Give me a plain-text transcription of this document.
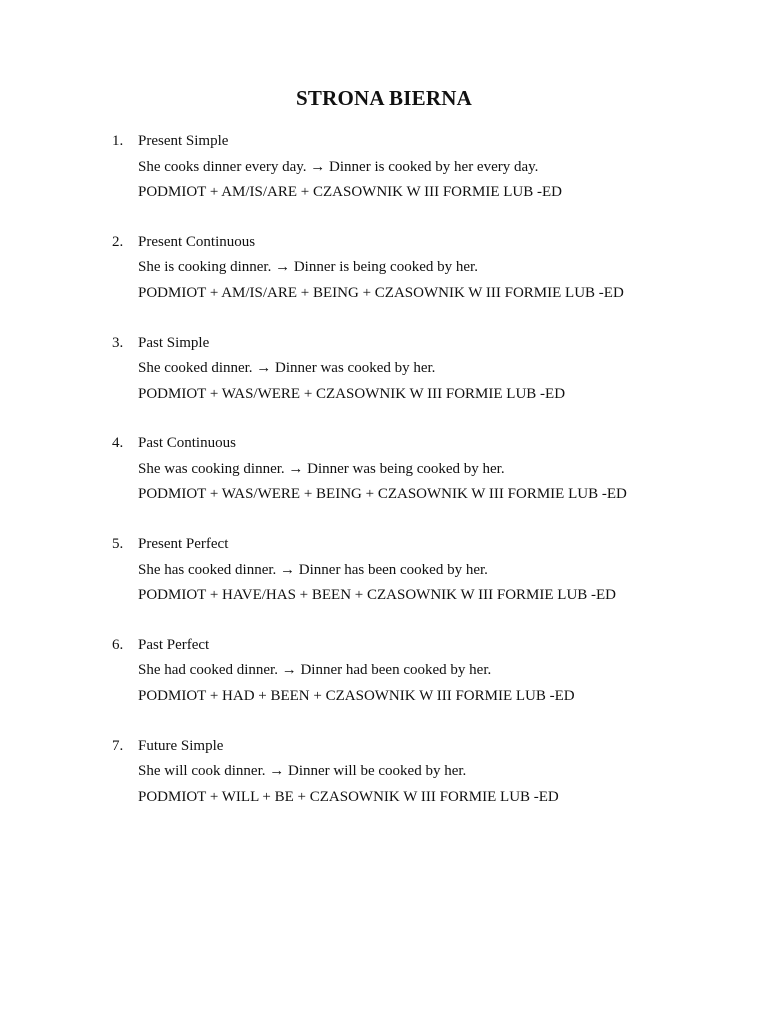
STRONA BIERNA
1. Present Simple
She cooks dinner every day. → Dinner is cooked by her every day.
PODMIOT + AM/IS/ARE + CZASOWNIK W III FORMIE LUB -ED
2. Present Continuous
She is cooking dinner. → Dinner is being cooked by her.
PODMIOT + AM/IS/ARE + BEING + CZASOWNIK W III FORMIE LUB -ED
3. Past Simple
She cooked dinner. → Dinner was cooked by her.
PODMIOT + WAS/WERE + CZASOWNIK W III FORMIE LUB -ED
4. Past Continuous
She was cooking dinner. → Dinner was being cooked by her.
PODMIOT + WAS/WERE + BEING + CZASOWNIK W III FORMIE LUB -ED
5. Present Perfect
She has cooked dinner. → Dinner has been cooked by her.
PODMIOT + HAVE/HAS + BEEN + CZASOWNIK W III FORMIE LUB -ED
6. Past Perfect
She had cooked dinner. → Dinner had been cooked by her.
PODMIOT + HAD + BEEN + CZASOWNIK W III FORMIE LUB -ED
7. Future Simple
She will cook dinner. → Dinner will be cooked by her.
PODMIOT + WILL + BE + CZASOWNIK W III FORMIE LUB -ED
